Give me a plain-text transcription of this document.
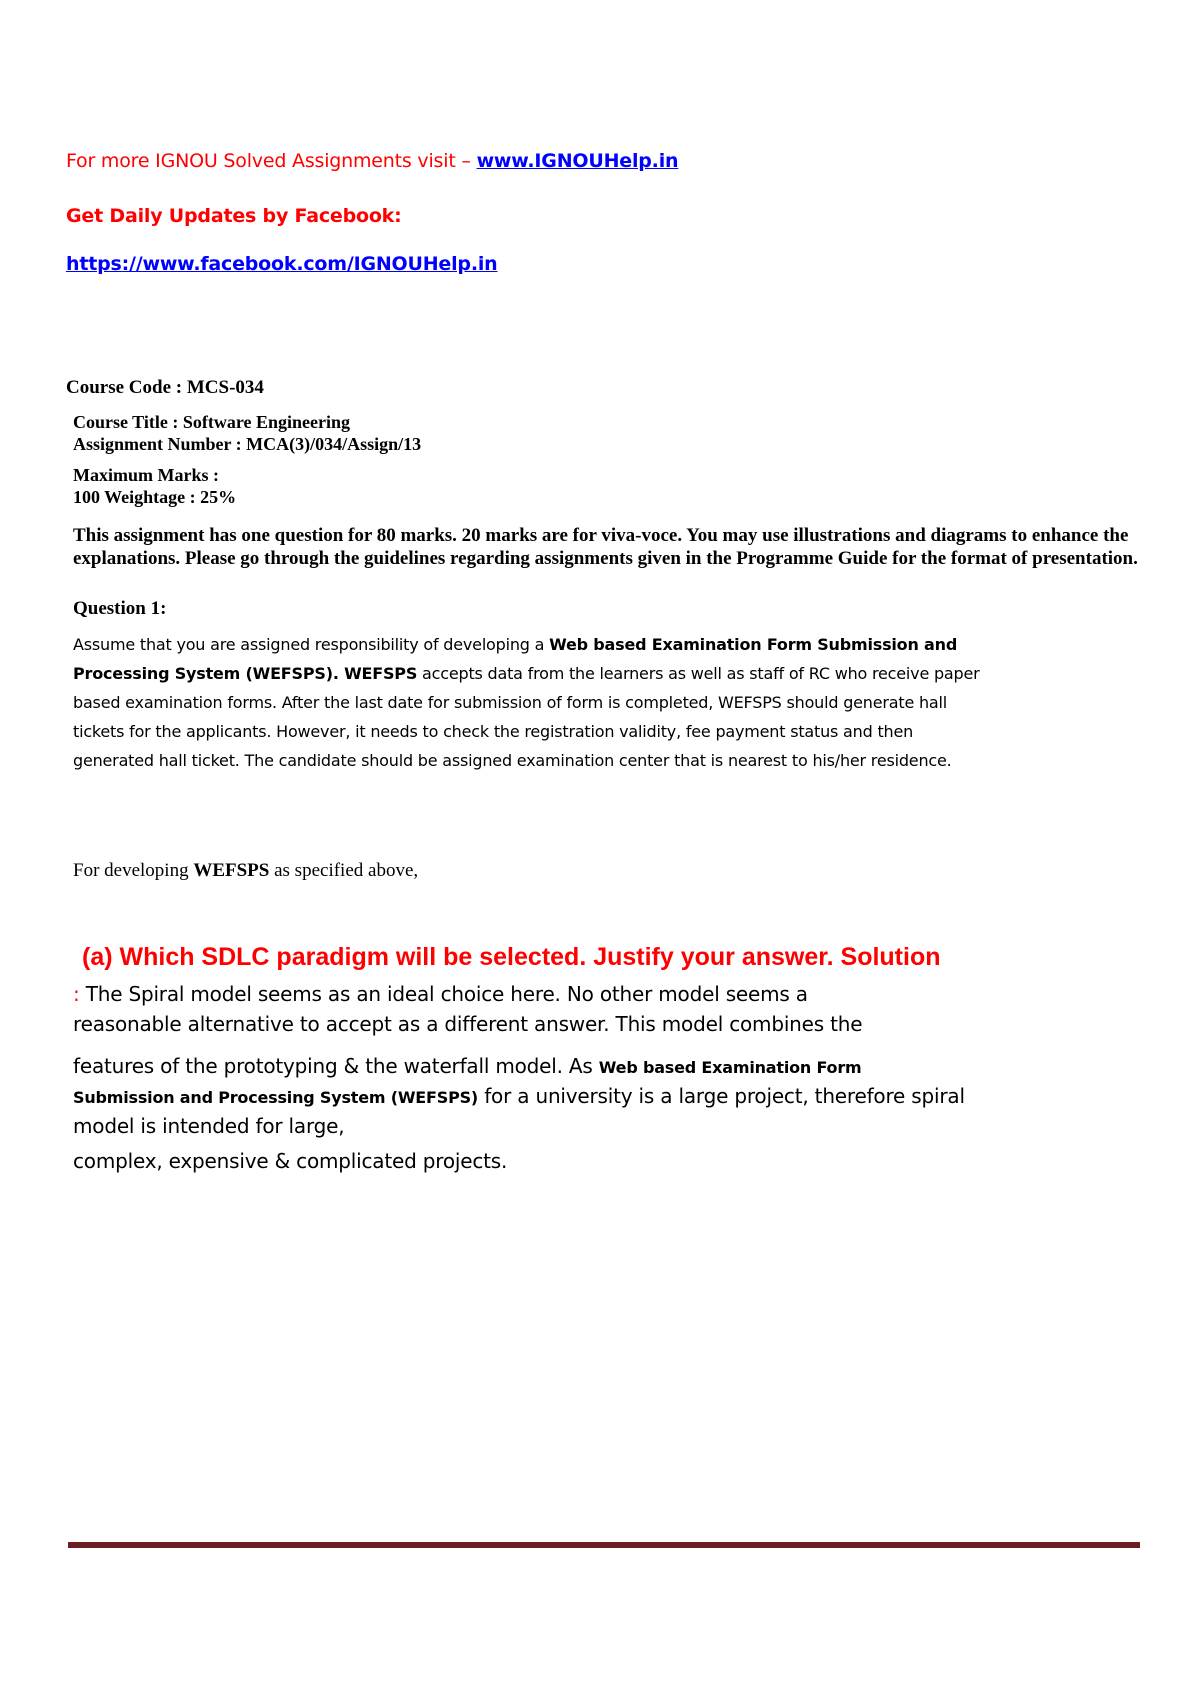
For more IGNOU Solved Assignments visit – www.IGNOUHelp.in
Get Daily Updates by Facebook:
https://www.facebook.com/IGNOUHelp.in
Course Code : MCS-034
Course Title : Software Engineering
Assignment Number : MCA(3)/034/Assign/13
Maximum Marks :
100 Weightage : 25%
This assignment has one question for 80 marks. 20 marks are for viva-voce. You may use illustrations and diagrams to enhance the explanations. Please go through the guidelines regarding assignments given in the Programme Guide for the format of presentation.
Question 1:
Assume that you are assigned responsibility of developing a Web based Examination Form Submission and
Processing System (WEFSPS). WEFSPS accepts data from the learners as well as staff of RC who receive paper
based examination forms. After the last date for submission of form is completed, WEFSPS should generate hall
tickets for the applicants. However, it needs to check the registration validity, fee payment status and then
generated hall ticket. The candidate should be assigned examination center that is nearest to his/her residence.
For developing WEFSPS as specified above,
(a) Which SDLC paradigm will be selected. Justify your answer. Solution
: The Spiral model seems as an ideal choice here. No other model seems a
reasonable alternative to accept as a different answer. This model combines the
features of the prototyping & the waterfall model. As Web based Examination Form
Submission and Processing System (WEFSPS) for a university is a large project, therefore spiral
model is intended for large,
complex, expensive & complicated projects.
